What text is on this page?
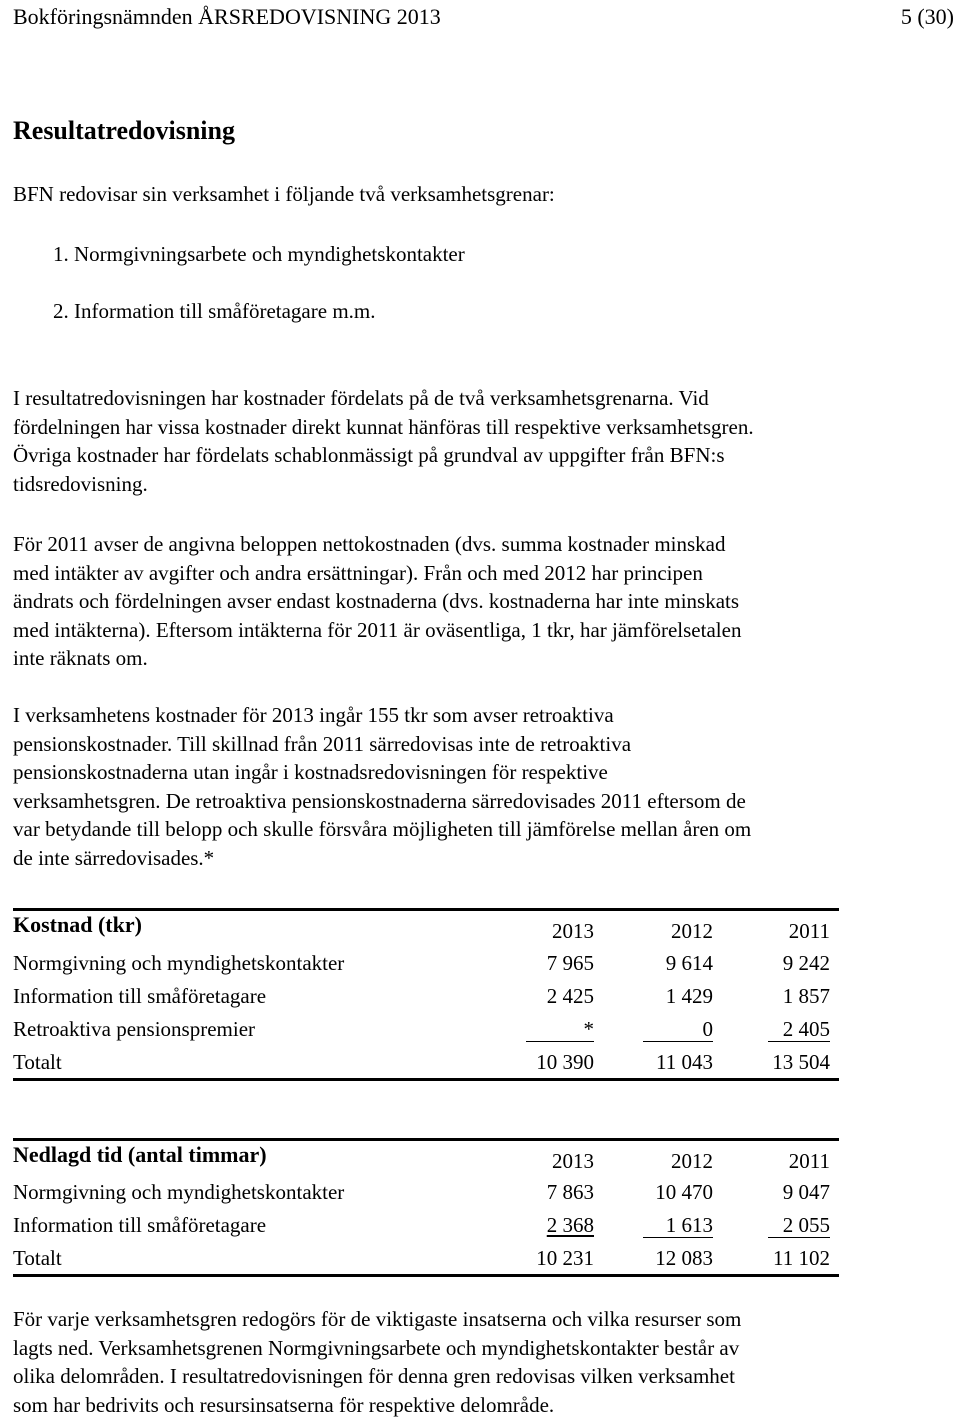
Bokföringsnämnden ÅRSREDOVISNING 2013	5 (30)
Resultatredovisning
BFN redovisar sin verksamhet i följande två verksamhetsgrenar:
1. Normgivningsarbete och myndighetskontakter
2. Information till småföretagare m.m.
I resultatredovisningen har kostnader fördelats på de två verksamhetsgrenarna. Vid
fördelningen har vissa kostnader direkt kunnat hänföras till respektive verksamhetsgren.
Övriga kostnader har fördelats schablonmässigt på grundval av uppgifter från BFN:s
tidsredovisning.
För 2011 avser de angivna beloppen nettokostnaden (dvs. summa kostnader minskad
med intäkter av avgifter och andra ersättningar). Från och med 2012 har principen
ändrats och fördelningen avser endast kostnaderna (dvs. kostnaderna har inte minskats
med intäkterna). Eftersom intäkterna för 2011 är oväsentliga, 1 tkr, har jämförelsetalen
inte räknats om.
I verksamhetens kostnader för 2013 ingår 155 tkr som avser retroaktiva
pensionskostnader. Till skillnad från 2011 särredovisas inte de retroaktiva
pensionskostnaderna utan ingår i kostnadsredovisningen för respektive
verksamhetsgren. De retroaktiva pensionskostnaderna särredovisades 2011 eftersom de
var betydande till belopp och skulle försvåra möjligheten till jämförelse mellan åren om
de inte särredovisades.*
Kostnad (tkr)	2013	2012	2011
Normgivning och myndighetskontakter	7 965	9 614	9 242
Information till småföretagare	2 425	1 429	1 857
Retroaktiva pensionspremier	*	0	2 405
Totalt	10 390	11 043	13 504
Nedlagd tid (antal timmar)	2013	2012	2011
Normgivning och myndighetskontakter	7 863	10 470	9 047
Information till småföretagare	2 368	1 613	2 055
Totalt	10 231	12 083	11 102
För varje verksamhetsgren redogörs för de viktigaste insatserna och vilka resurser som
lagts ned. Verksamhetsgrenen Normgivningsarbete och myndighetskontakter består av
olika delområden. I resultatredovisningen för denna gren redovisas vilken verksamhet
som har bedrivits och resursinsatserna för respektive delområde.
